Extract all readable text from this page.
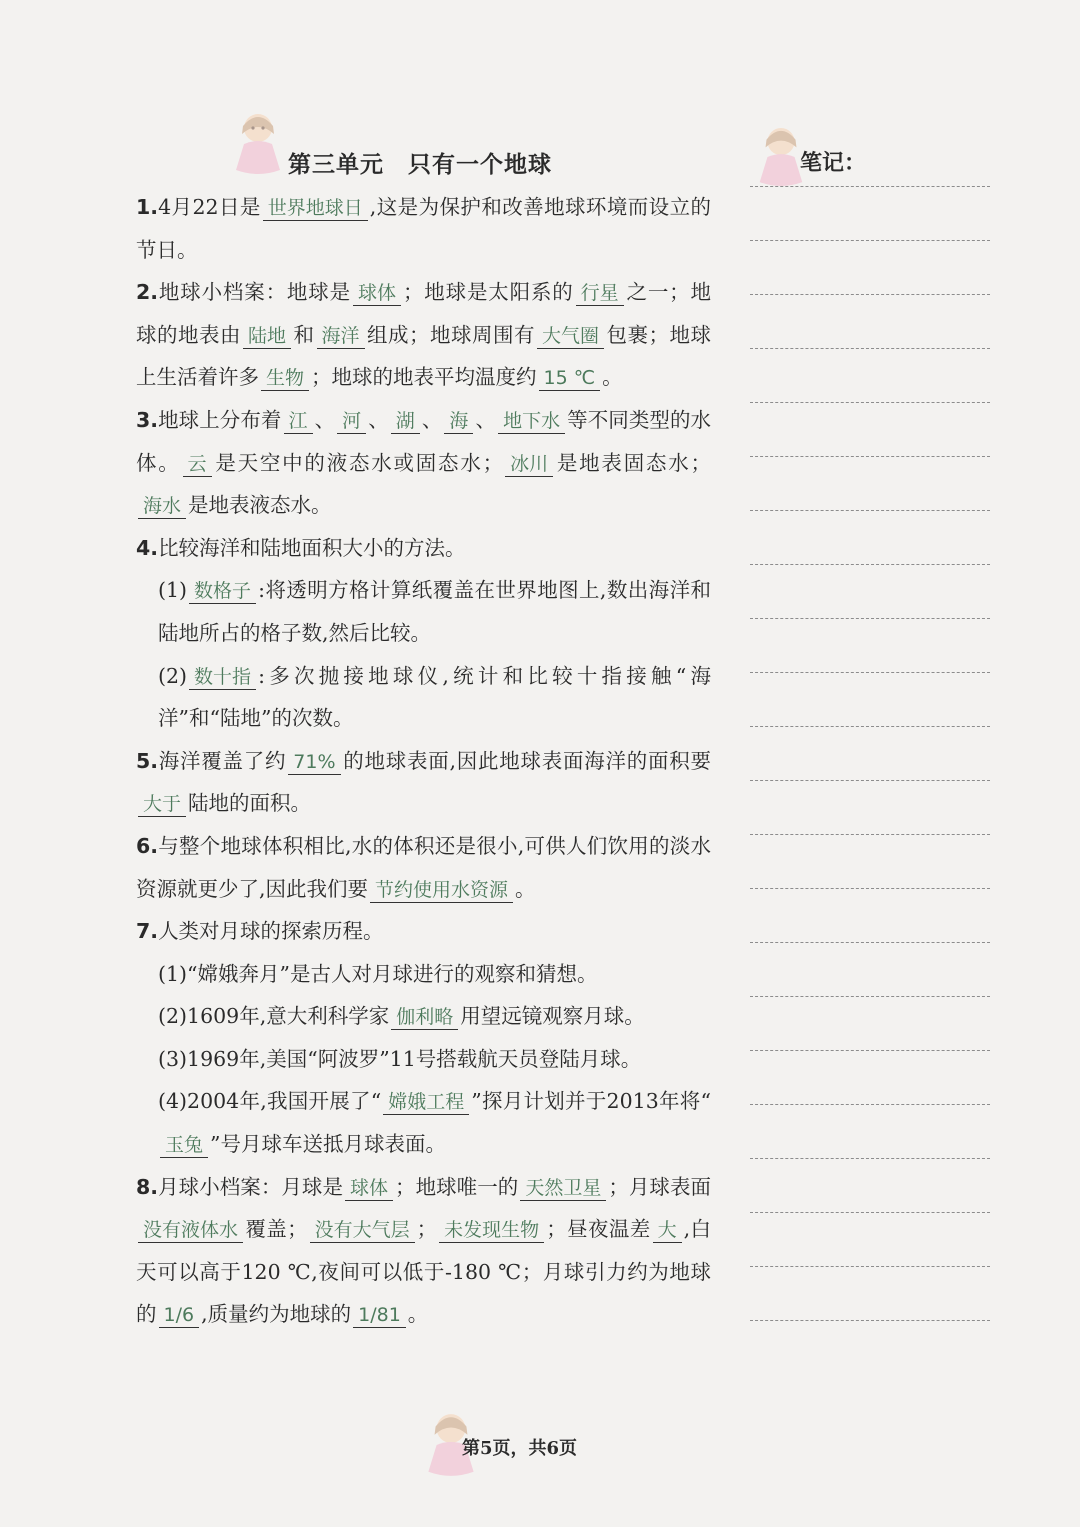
第三单元　只有一个地球	笔记：
1.4月22日是 世界地球日 ,这是为保护和改善地球环境而设立的节日。
2.地球小档案：地球是 球体 ；地球是太阳系的 行星 之一；地球的地表由 陆地 和 海洋 组成；地球周围有 大气圈 包裹；地球上生活着许多 生物 ；地球的地表平均温度约 15 ℃ 。
3.地球上分布着 江 、 河 、 湖 、 海 、 地下水 等不同类型的水体。 云 是天空中的液态水或固态水； 冰川 是地表固态水；海水 是地表液态水。
4.比较海洋和陆地面积大小的方法。
(1) 数格子 :将透明方格计算纸覆盖在世界地图上,数出海洋和陆地所占的格子数,然后比较。
(2) 数十指 :多次抛接地球仪,统计和比较十指接触“海洋”和“陆地”的次数。
5.海洋覆盖了约 71% 的地球表面,因此地球表面海洋的面积要大于 陆地的面积。
6.与整个地球体积相比,水的体积还是很小,可供人们饮用的淡水资源就更少了,因此我们要 节约使用水资源 。
7.人类对月球的探索历程。
(1)“嫦娥奔月”是古人对月球进行的观察和猜想。
(2)1609年,意大利科学家 伽利略 用望远镜观察月球。
(3)1969年,美国“阿波罗”11号搭载航天员登陆月球。
(4)2004年,我国开展了“ 嫦娥工程 ”探月计划并于2013年将“玉兔 ”号月球车送抵月球表面。
8.月球小档案：月球是 球体 ；地球唯一的 天然卫星 ；月球表面没有液体水 覆盖； 没有大气层 ； 未发现生物 ；昼夜温差 大 ,白天可以高于120 ℃,夜间可以低于-180 ℃；月球引力约为地球的 1/6 ,质量约为地球的 1/81 。
第5页，共6页
